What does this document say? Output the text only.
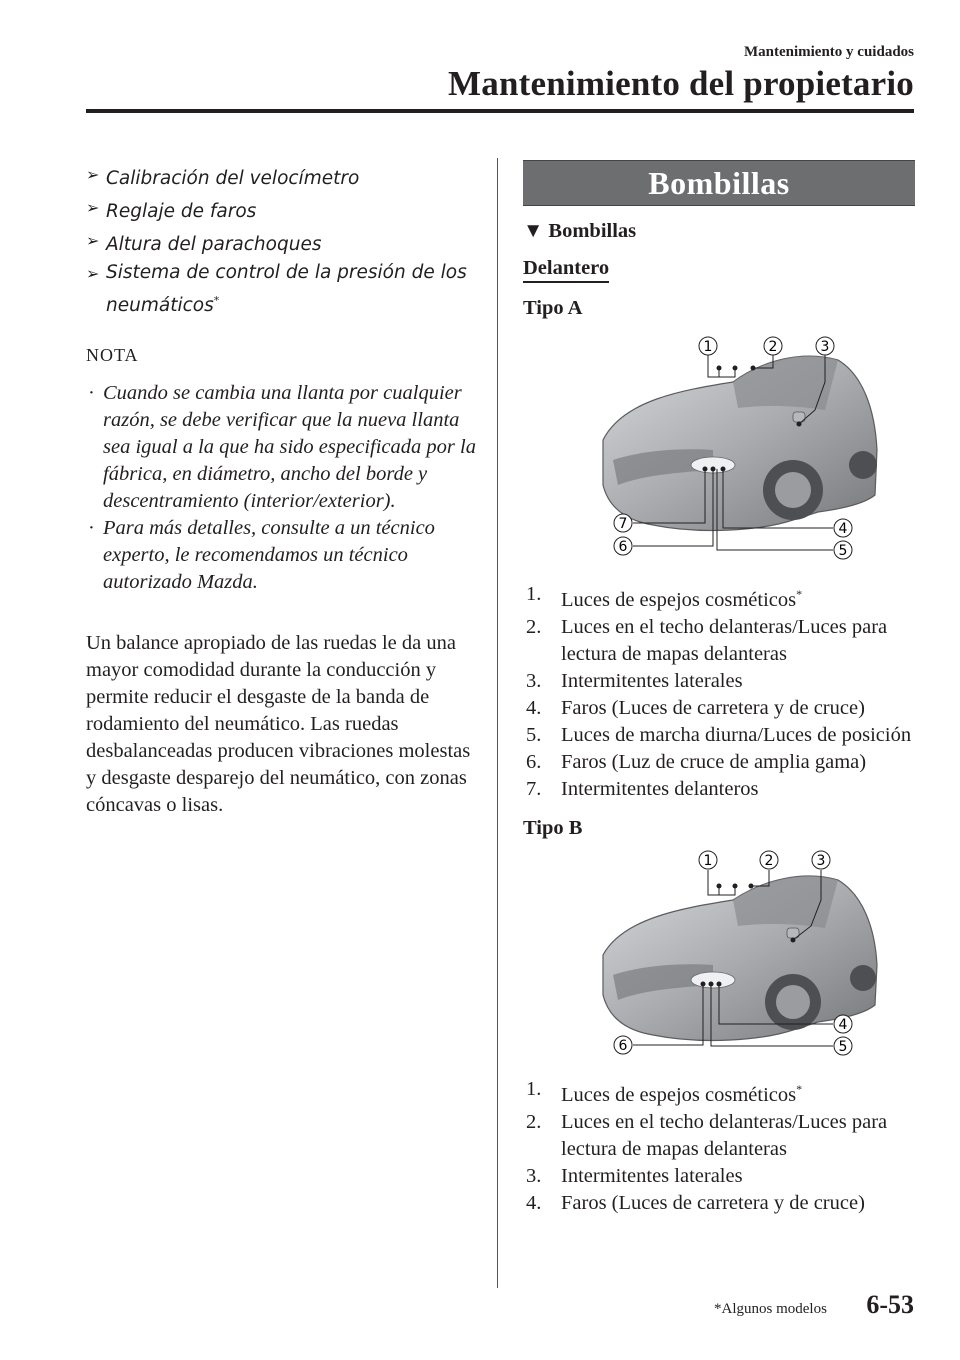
Mantenimiento y cuidados
Mantenimiento del propietario
➢ Calibración del velocímetro
➢ Reglaje de faros
➢ Altura del parachoques
➢ Sistema de control de la presión de los neumáticos*
NOTA
· Cuando se cambia una llanta por cualquier razón, se debe verificar que la nueva llanta sea igual a la que ha sido especificada por la fábrica, en diámetro, ancho del borde y descentramiento (interior/exterior).
· Para más detalles, consulte a un técnico experto, le recomendamos un técnico autorizado Mazda.
Un balance apropiado de las ruedas le da una mayor comodidad durante la conducción y permite reducir el desgaste de la banda de rodamiento del neumático. Las ruedas desbalanceadas producen vibraciones molestas y desgaste desparejo del neumático, con zonas cóncavas o lisas.
Bombillas
▼ Bombillas
Delantero
Tipo A
1	2	3
4
5
6
7
1. Luces de espejos cosméticos*
2. Luces en el techo delanteras/Luces para lectura de mapas delanteras
3. Intermitentes laterales
4. Faros (Luces de carretera y de cruce)
5. Luces de marcha diurna/Luces de posición
6. Faros (Luz de cruce de amplia gama)
7. Intermitentes delanteros
Tipo B
1	2	3
4
5
6
1. Luces de espejos cosméticos*
2. Luces en el techo delanteras/Luces para lectura de mapas delanteras
3. Intermitentes laterales
4. Faros (Luces de carretera y de cruce)
*Algunos modelos 6-53
